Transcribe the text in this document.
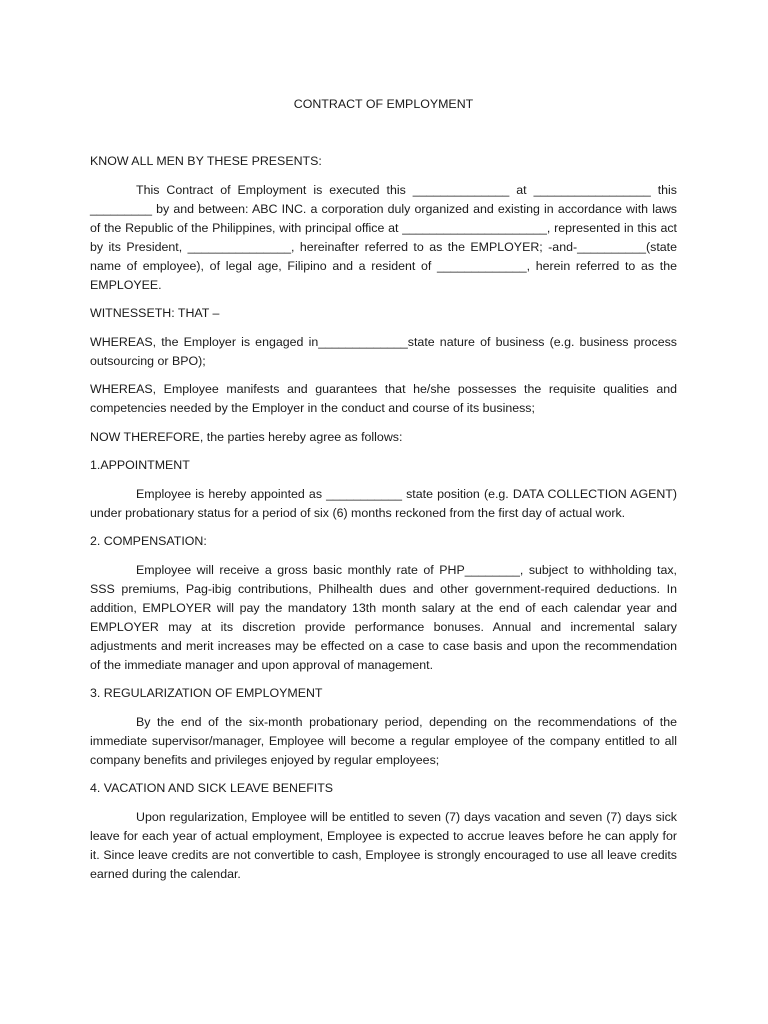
CONTRACT OF EMPLOYMENT

KNOW ALL MEN BY THESE PRESENTS:

This Contract of Employment is executed this ______________ at _________________ this _________ by and between: ABC INC. a corporation duly organized and existing in accordance with laws of the Republic of the Philippines, with principal office at _____________________, represented in this act by its President, _______________, hereinafter referred to as the EMPLOYER; -and-__________(state name of employee), of legal age, Filipino and a resident of _____________, herein referred to as the EMPLOYEE.

WITNESSETH: THAT –

WHEREAS, the Employer is engaged in_____________state nature of business (e.g. business process outsourcing or BPO);

WHEREAS, Employee manifests and guarantees that he/she possesses the requisite qualities and competencies needed by the Employer in the conduct and course of its business;

NOW THEREFORE, the parties hereby agree as follows:

1.APPOINTMENT

Employee is hereby appointed as ___________ state position (e.g. DATA COLLECTION AGENT) under probationary status for a period of six (6) months reckoned from the first day of actual work.

2. COMPENSATION:

Employee will receive a gross basic monthly rate of PHP________, subject to withholding tax, SSS premiums, Pag-ibig contributions, Philhealth dues and other government-required deductions. In addition, EMPLOYER will pay the mandatory 13th month salary at the end of each calendar year and EMPLOYER may at its discretion provide performance bonuses. Annual and incremental salary adjustments and merit increases may be effected on a case to case basis and upon the recommendation of the immediate manager and upon approval of management.

3. REGULARIZATION OF EMPLOYMENT

By the end of the six-month probationary period, depending on the recommendations of the immediate supervisor/manager, Employee will become a regular employee of the company entitled to all company benefits and privileges enjoyed by regular employees;

4. VACATION AND SICK LEAVE BENEFITS

Upon regularization, Employee will be entitled to seven (7) days vacation and seven (7) days sick leave for each year of actual employment, Employee is expected to accrue leaves before he can apply for it. Since leave credits are not convertible to cash, Employee is strongly encouraged to use all leave credits earned during the calendar.
